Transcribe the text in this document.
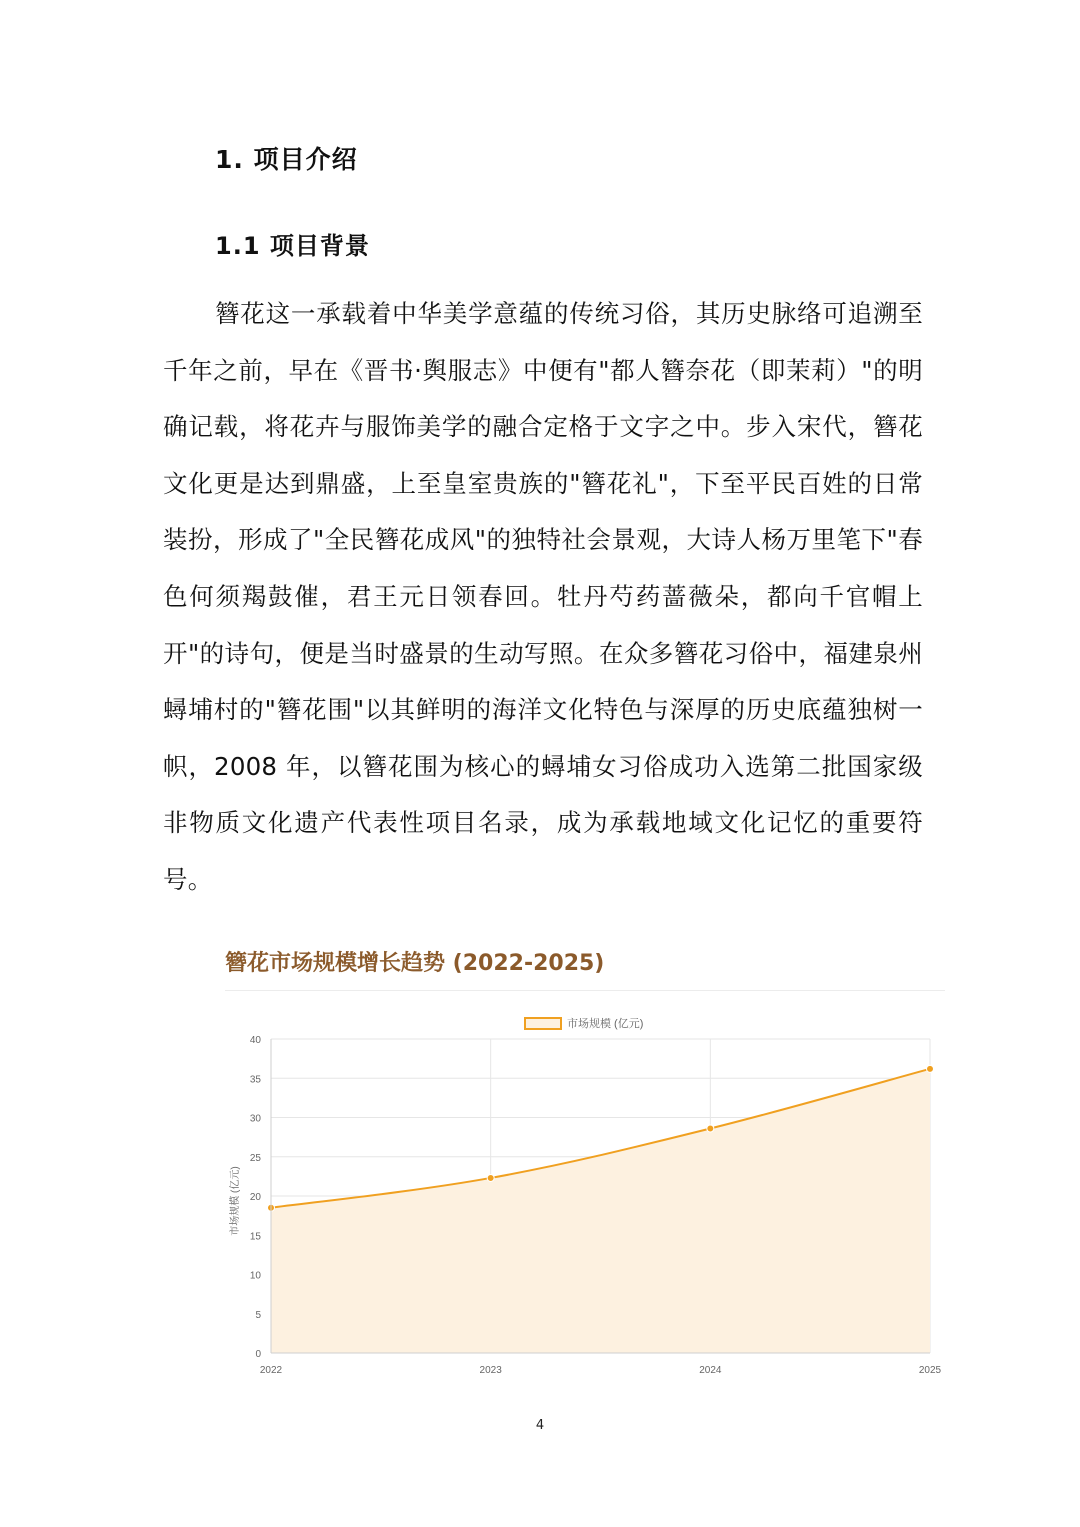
1. 项目介绍
1.1 项目背景
簪花这一承载着中华美学意蕴的传统习俗，其历史脉络可追溯至千年之前，早在《晋书·舆服志》中便有"都人簪奈花（即茉莉）"的明确记载，将花卉与服饰美学的融合定格于文字之中。步入宋代，簪花文化更是达到鼎盛，上至皇室贵族的"簪花礼"，下至平民百姓的日常装扮，形成了"全民簪花成风"的独特社会景观，大诗人杨万里笔下"春色何须羯鼓催，君王元日领春回。牡丹芍药蔷薇朵，都向千官帽上开"的诗句，便是当时盛景的生动写照。在众多簪花习俗中，福建泉州蟳埔村的"簪花围"以其鲜明的海洋文化特色与深厚的历史底蕴独树一帜，2008 年，以簪花围为核心的蟳埔女习俗成功入选第二批国家级非物质文化遗产代表性项目名录，成为承载地域文化记忆的重要符号。
簪花市场规模增长趋势 (2022-2025)
0
5
10
15
20
25
30
35
40
2022	2023	2024	2025
市场规模 (亿元)
市场规模 (亿元)
4
